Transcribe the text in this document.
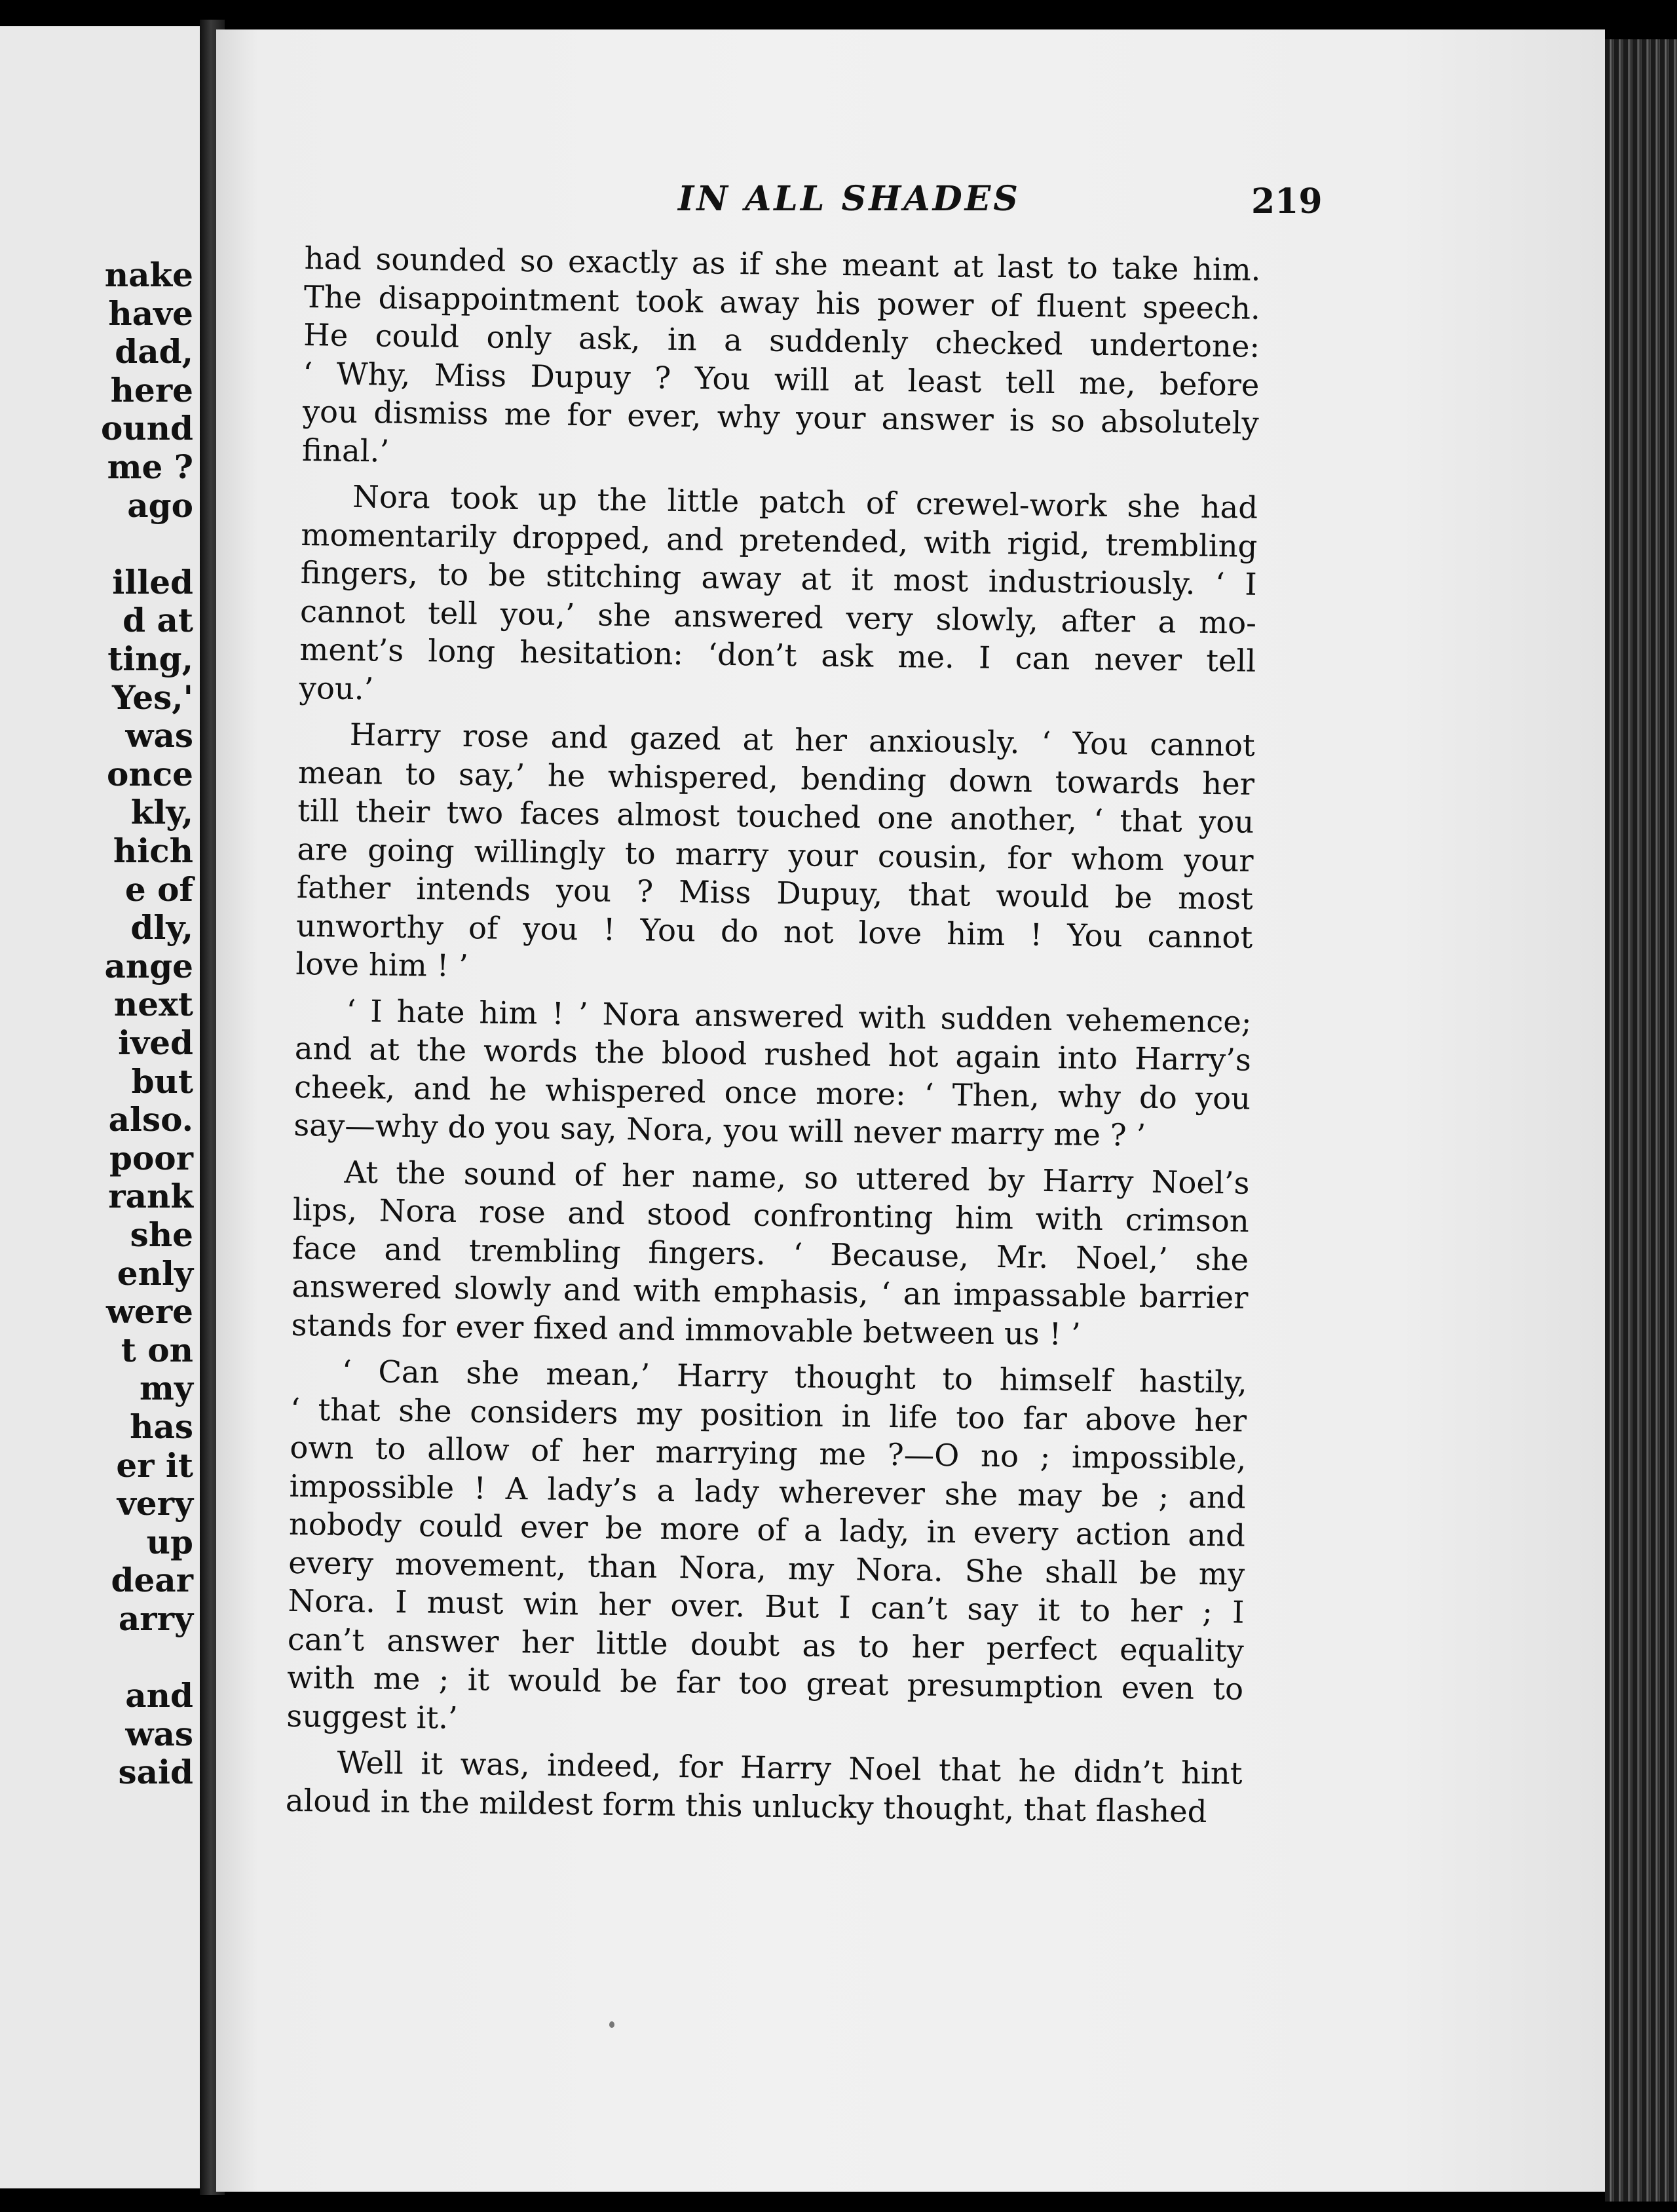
nake
have
dad,
here
ound
me ?
ago
illed
d at
ting,
Yes,'
was
once
kly,
hich
e of
dly,
ange
next
ived
but
also.
poor
rank
she
enly
were
t on
my
has
er it
very
up
dear
arry
and
was
said
IN ALL SHADES	219
had sounded so exactly as if she meant at last to take him.
The disappointment took away his power of fluent speech.
He could only ask, in a suddenly checked undertone:
‘ Why, Miss Dupuy ? You will at least tell me, before
you dismiss me for ever, why your answer is so absolutely
final.’
Nora took up the little patch of crewel-work she had
momentarily dropped, and pretended, with rigid, trembling
fingers, to be stitching away at it most industriously. ‘ I
cannot tell you,’ she answered very slowly, after a mo-
ment’s long hesitation: ‘don’t ask me. I can never tell
you.’
Harry rose and gazed at her anxiously. ‘ You cannot
mean to say,’ he whispered, bending down towards her
till their two faces almost touched one another, ‘ that you
are going willingly to marry your cousin, for whom your
father intends you ? Miss Dupuy, that would be most
unworthy of you ! You do not love him ! You cannot
love him ! ’
‘ I hate him ! ’ Nora answered with sudden vehemence;
and at the words the blood rushed hot again into Harry’s
cheek, and he whispered once more: ‘ Then, why do you
say—why do you say, Nora, you will never marry me ? ’
At the sound of her name, so uttered by Harry Noel’s
lips, Nora rose and stood confronting him with crimson
face and trembling fingers. ‘ Because, Mr. Noel,’ she
answered slowly and with emphasis, ‘ an impassable barrier
stands for ever fixed and immovable between us ! ’
‘ Can she mean,’ Harry thought to himself hastily,
‘ that she considers my position in life too far above her
own to allow of her marrying me ?—O no ; impossible,
impossible ! A lady’s a lady wherever she may be ; and
nobody could ever be more of a lady, in every action and
every movement, than Nora, my Nora. She shall be my
Nora. I must win her over. But I can’t say it to her ; I
can’t answer her little doubt as to her perfect equality
with me ; it would be far too great presumption even to
suggest it.’
Well it was, indeed, for Harry Noel that he didn’t hint
aloud in the mildest form this unlucky thought, that flashed
